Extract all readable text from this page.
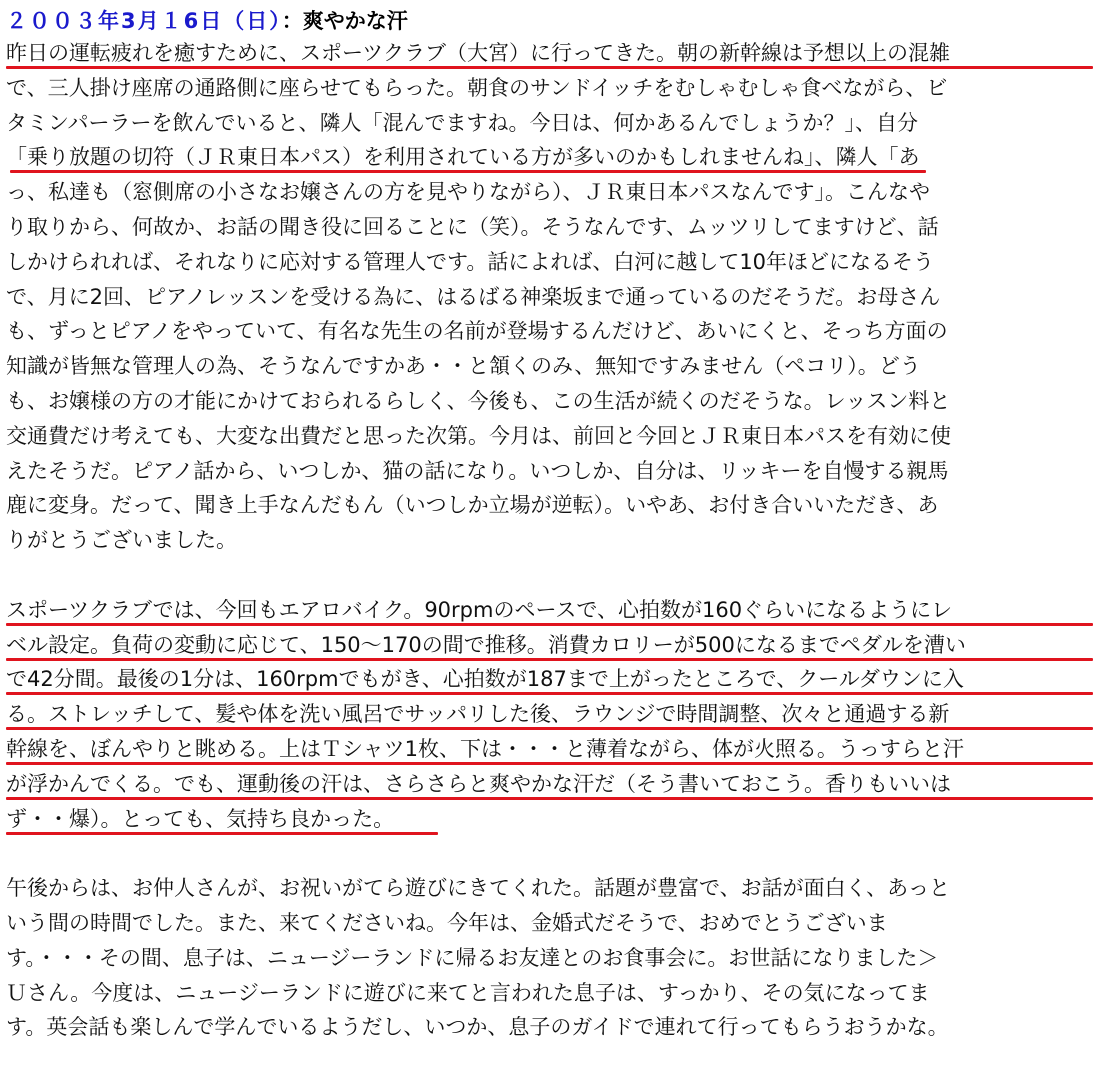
２００３年3月１6日（日）：爽やかな汗

昨日の運転疲れを癒すために、スポーツクラブ（大宮）に行ってきた。朝の新幹線は予想以上の混雑
で、三人掛け座席の通路側に座らせてもらった。朝食のサンドイッチをむしゃむしゃ食べながら、ビ
タミンパーラーを飲んでいると、隣人「混んでますね。今日は、何かあるんでしょうか？」、自分
「乗り放題の切符（ＪＲ東日本パス）を利用されている方が多いのかもしれませんね」、隣人「あ
っ、私達も（窓側席の小さなお嬢さんの方を見やりながら）、ＪＲ東日本パスなんです」。こんなや
り取りから、何故か、お話の聞き役に回ることに（笑）。そうなんです、ムッツリしてますけど、話
しかけられれば、それなりに応対する管理人です。話によれば、白河に越して10年ほどになるそう
で、月に2回、ピアノレッスンを受ける為に、はるばる神楽坂まで通っているのだそうだ。お母さん
も、ずっとピアノをやっていて、有名な先生の名前が登場するんだけど、あいにくと、そっち方面の
知識が皆無な管理人の為、そうなんですかあ・・と頷くのみ、無知ですみません（ペコリ）。どう
も、お嬢様の方の才能にかけておられるらしく、今後も、この生活が続くのだそうな。レッスン料と
交通費だけ考えても、大変な出費だと思った次第。今月は、前回と今回とＪＲ東日本パスを有効に使
えたそうだ。ピアノ話から、いつしか、猫の話になり。いつしか、自分は、リッキーを自慢する親馬
鹿に変身。だって、聞き上手なんだもん（いつしか立場が逆転）。いやあ、お付き合いいただき、あ
りがとうございました。

スポーツクラブでは、今回もエアロバイク。90rpmのペースで、心拍数が160ぐらいになるようにレ
ベル設定。負荷の変動に応じて、150～170の間で推移。消費カロリーが500になるまでペダルを漕い
で42分間。最後の1分は、160rpmでもがき、心拍数が187まで上がったところで、クールダウンに入
る。ストレッチして、髪や体を洗い風呂でサッパリした後、ラウンジで時間調整、次々と通過する新
幹線を、ぼんやりと眺める。上はＴシャツ1枚、下は・・・と薄着ながら、体が火照る。うっすらと汗
が浮かんでくる。でも、運動後の汗は、さらさらと爽やかな汗だ（そう書いておこう。香りもいいは
ず・・爆）。とっても、気持ち良かった。

午後からは、お仲人さんが、お祝いがてら遊びにきてくれた。話題が豊富で、お話が面白く、あっと
いう間の時間でした。また、来てくださいね。今年は、金婚式だそうで、おめでとうございま
す。・・・その間、息子は、ニュージーランドに帰るお友達とのお食事会に。お世話になりました＞
Ｕさん。今度は、ニュージーランドに遊びに来てと言われた息子は、すっかり、その気になってま
す。英会話も楽しんで学んでいるようだし、いつか、息子のガイドで連れて行ってもらうおうかな。
